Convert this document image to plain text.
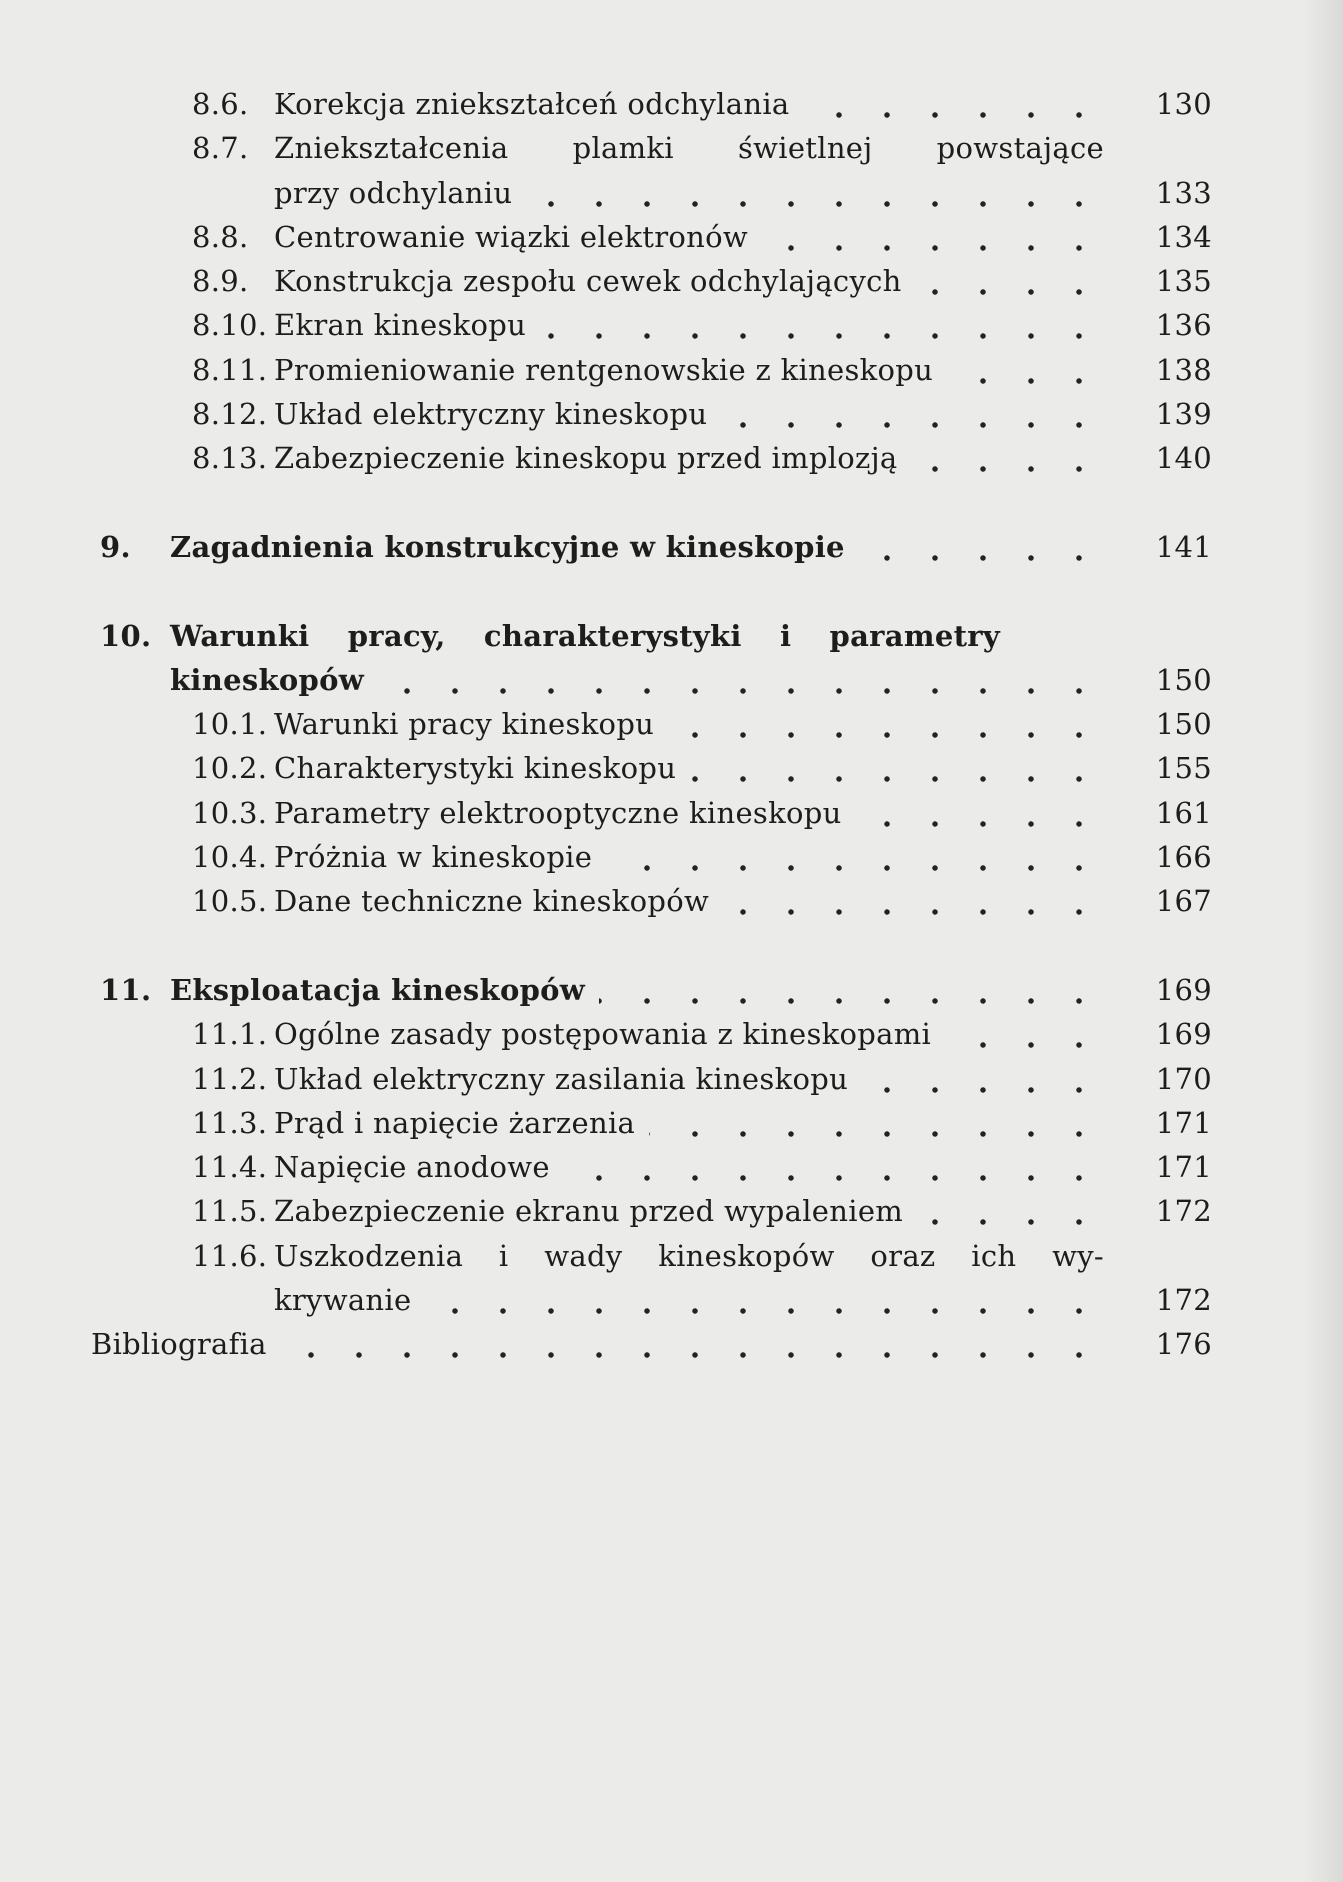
8.6. Korekcja zniekształceń odchylania	130
8.7. Zniekształcenia plamki świetlnej powstające
przy odchylaniu	133
8.8. Centrowanie wiązki elektronów	134
8.9. Konstrukcja zespołu cewek odchylających	135
8.10. Ekran kineskopu	136
8.11. Promieniowanie rentgenowskie z kineskopu	138
8.12. Układ elektryczny kineskopu	139
8.13. Zabezpieczenie kineskopu przed implozją	140
9. Zagadnienia konstrukcyjne w kineskopie	141
10. Warunki pracy, charakterystyki i parametry
kineskopów	150
10.1. Warunki pracy kineskopu	150
10.2. Charakterystyki kineskopu	155
10.3. Parametry elektrooptyczne kineskopu	161
10.4. Próżnia w kineskopie	166
10.5. Dane techniczne kineskopów	167
11. Eksploatacja kineskopów	169
11.1. Ogólne zasady postępowania z kineskopami	169
11.2. Układ elektryczny zasilania kineskopu	170
11.3. Prąd i napięcie żarzenia	171
11.4. Napięcie anodowe	171
11.5. Zabezpieczenie ekranu przed wypaleniem	172
11.6. Uszkodzenia i wady kineskopów oraz ich wy-
krywanie	172
Bibliografia	176
